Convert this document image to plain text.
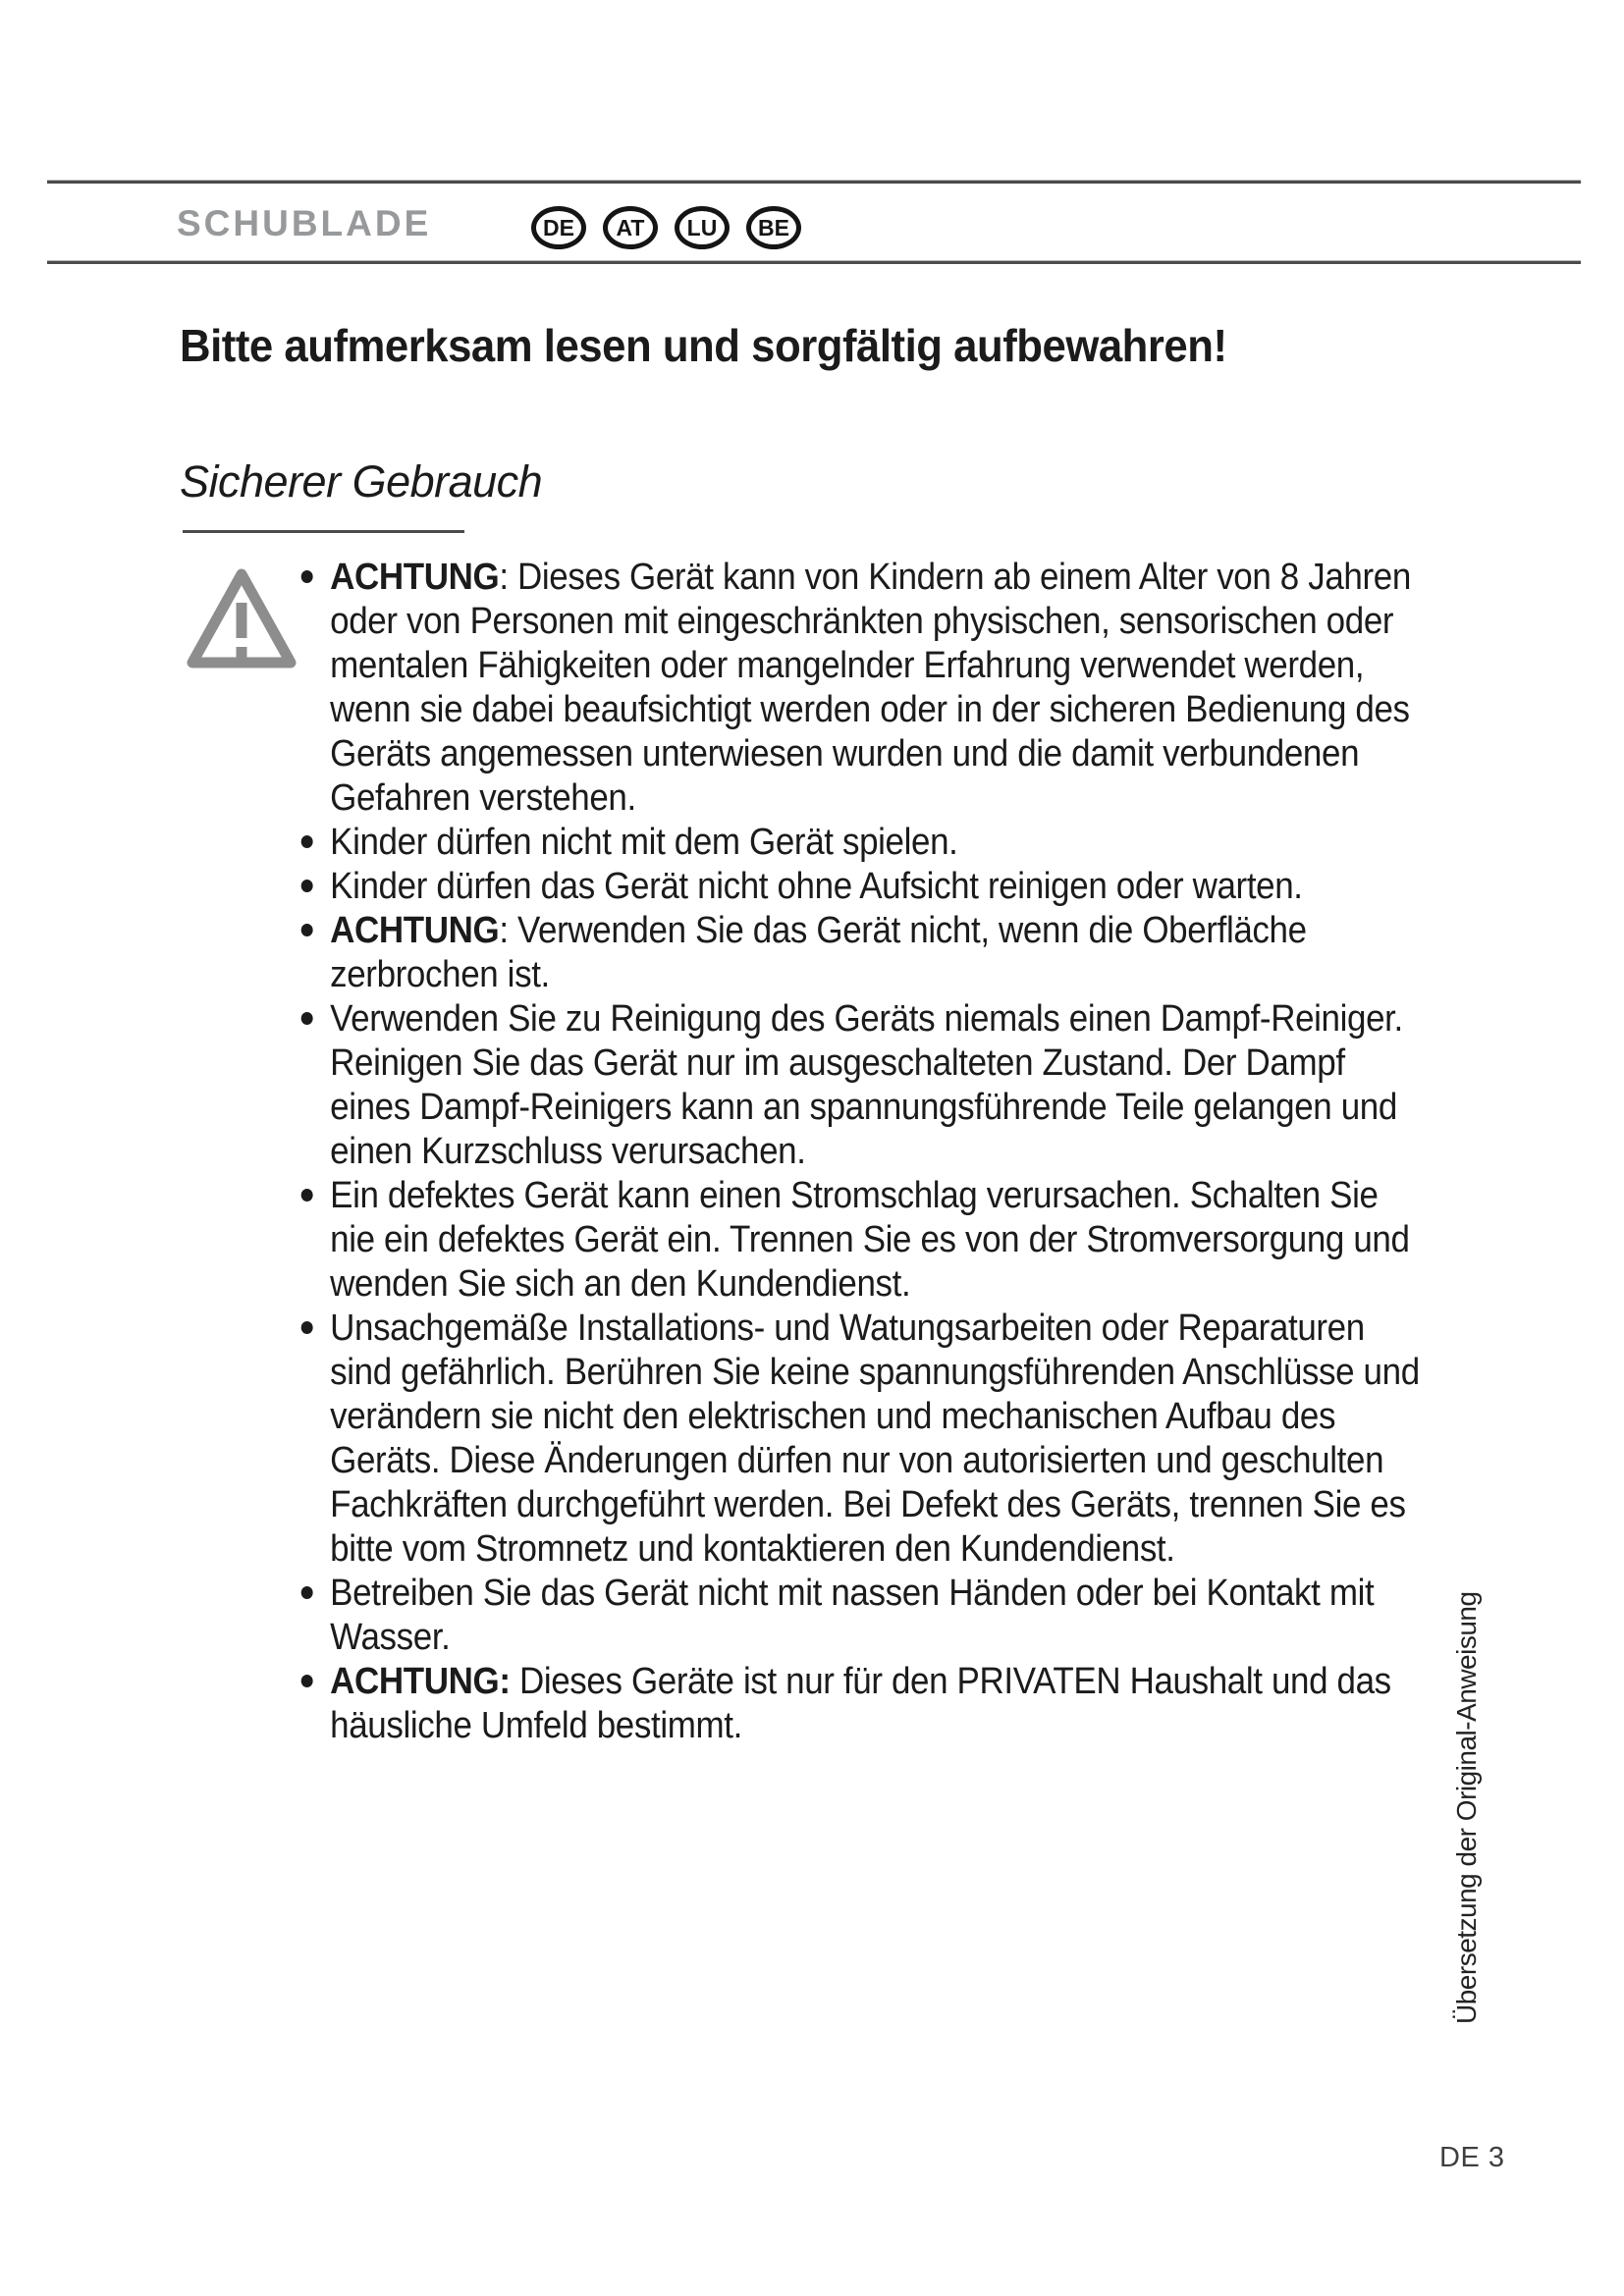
SCHUBLADE	DE	AT	LU	BE
Bitte aufmerksam lesen und sorgfältig aufbewahren!
Sicherer Gebrauch
ACHTUNG: Dieses Gerät kann von Kindern ab einem Alter von 8 Jahren oder von Personen mit eingeschränkten physischen, sensorischen oder mentalen Fähigkeiten oder mangelnder Erfahrung verwendet werden, wenn sie dabei beaufsichtigt werden oder in der sicheren Bedienung des Geräts angemessen unterwiesen wurden und die damit verbundenen Gefahren verstehen.
Kinder dürfen nicht mit dem Gerät spielen.
Kinder dürfen das Gerät nicht ohne Aufsicht reinigen oder warten.
ACHTUNG: Verwenden Sie das Gerät nicht, wenn die Oberfläche zerbrochen ist.
Verwenden Sie zu Reinigung des Geräts niemals einen Dampf-Reiniger. Reinigen Sie das Gerät nur im ausgeschalteten Zustand. Der Dampf eines Dampf-Reinigers kann an spannungsführende Teile gelangen und einen Kurzschluss verursachen.
Ein defektes Gerät kann einen Stromschlag verursachen. Schalten Sie nie ein defektes Gerät ein. Trennen Sie es von der Stromversorgung und wenden Sie sich an den Kundendienst.
Unsachgemäße Installations- und Watungsarbeiten oder Reparaturen sind gefährlich. Berühren Sie keine spannungsführenden Anschlüsse und verändern sie nicht den elektrischen und mechanischen Aufbau des Geräts. Diese Änderungen dürfen nur von autorisierten und geschulten Fachkräften durchgeführt werden. Bei Defekt des Geräts, trennen Sie es bitte vom Stromnetz und kontaktieren den Kundendienst.
Betreiben Sie das Gerät nicht mit nassen Händen oder bei Kontakt mit Wasser.
ACHTUNG: Dieses Geräte ist nur für den PRIVATEN Haushalt und das häusliche Umfeld bestimmt.	Übersetzung der Original-Anweisung
DE 3
